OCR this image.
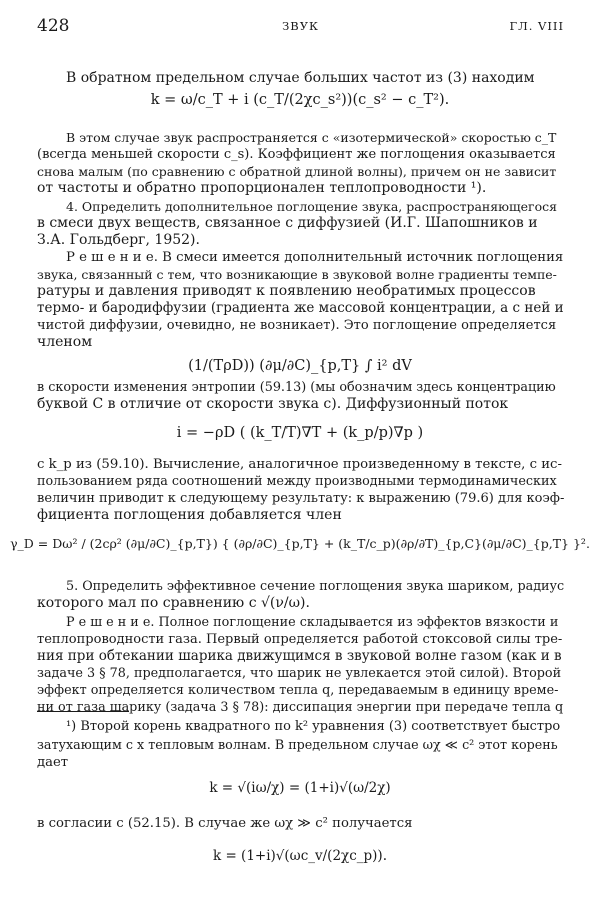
428	ЗВУК	ГЛ. VIII
В обратном предельном случае больших частот из (3) находим
k = ω/c_T + i (c_T/(2χc_s²))(c_s² − c_T²).
В этом случае звук распространяется с «изотермической» скоростью c_T
(всегда меньшей скорости c_s). Коэффициент же поглощения оказывается
снова малым (по сравнению с обратной длиной волны), причем он не зависит
от частоты и обратно пропорционален теплопроводности ¹).
4. Определить дополнительное поглощение звука, распространяющегося
в смеси двух веществ, связанное с диффузией (И.Г. Шапошников и
З.А. Гольдберг, 1952).
Р е ш е н и е. В смеси имеется дополнительный источник поглощения
звука, связанный с тем, что возникающие в звуковой волне градиенты темпе-
ратуры и давления приводят к появлению необратимых процессов
термо- и бародиффузии (градиента же массовой концентрации, а с ней и
чистой диффузии, очевидно, не возникает). Это поглощение определяется
членом
(1/(TρD)) (∂μ/∂C)_{p,T} ∫ i² dV
в скорости изменения энтропии (59.13) (мы обозначим здесь концентрацию
буквой C в отличие от скорости звука c). Диффузионный поток
i = −ρD ( (k_T/T)∇T + (k_p/p)∇p )
с k_p из (59.10). Вычисление, аналогичное произведенному в тексте, с ис-
пользованием ряда соотношений между производными термодинамических
величин приводит к следующему результату: к выражению (79.6) для коэф-
фициента поглощения добавляется член
γ_D = Dω² / (2cρ² (∂μ/∂C)_{p,T}) { (∂ρ/∂C)_{p,T} + (k_T/c_p)(∂ρ/∂T)_{p,C}(∂μ/∂C)_{p,T} }².
5. Определить эффективное сечение поглощения звука шариком, радиус
которого мал по сравнению с √(ν/ω).
Р е ш е н и е. Полное поглощение складывается из эффектов вязкости и
теплопроводности газа. Первый определяется работой стоксовой силы тре-
ния при обтекании шарика движущимся в звуковой волне газом (как и в
задаче 3 § 78, предполагается, что шарик не увлекается этой силой). Второй
эффект определяется количеством тепла q, передаваемым в единицу време-
ни от газа шарику (задача 3 § 78): диссипация энергии при передаче тепла q
¹) Второй корень квадратного по k² уравнения (3) соответствует быстро
затухающим с x тепловым волнам. В предельном случае ωχ ≪ c² этот корень
дает
k = √(iω/χ) = (1+i)√(ω/2χ)
в согласии с (52.15). В случае же ωχ ≫ c² получается
k = (1+i)√(ωc_v/(2χc_p)).
